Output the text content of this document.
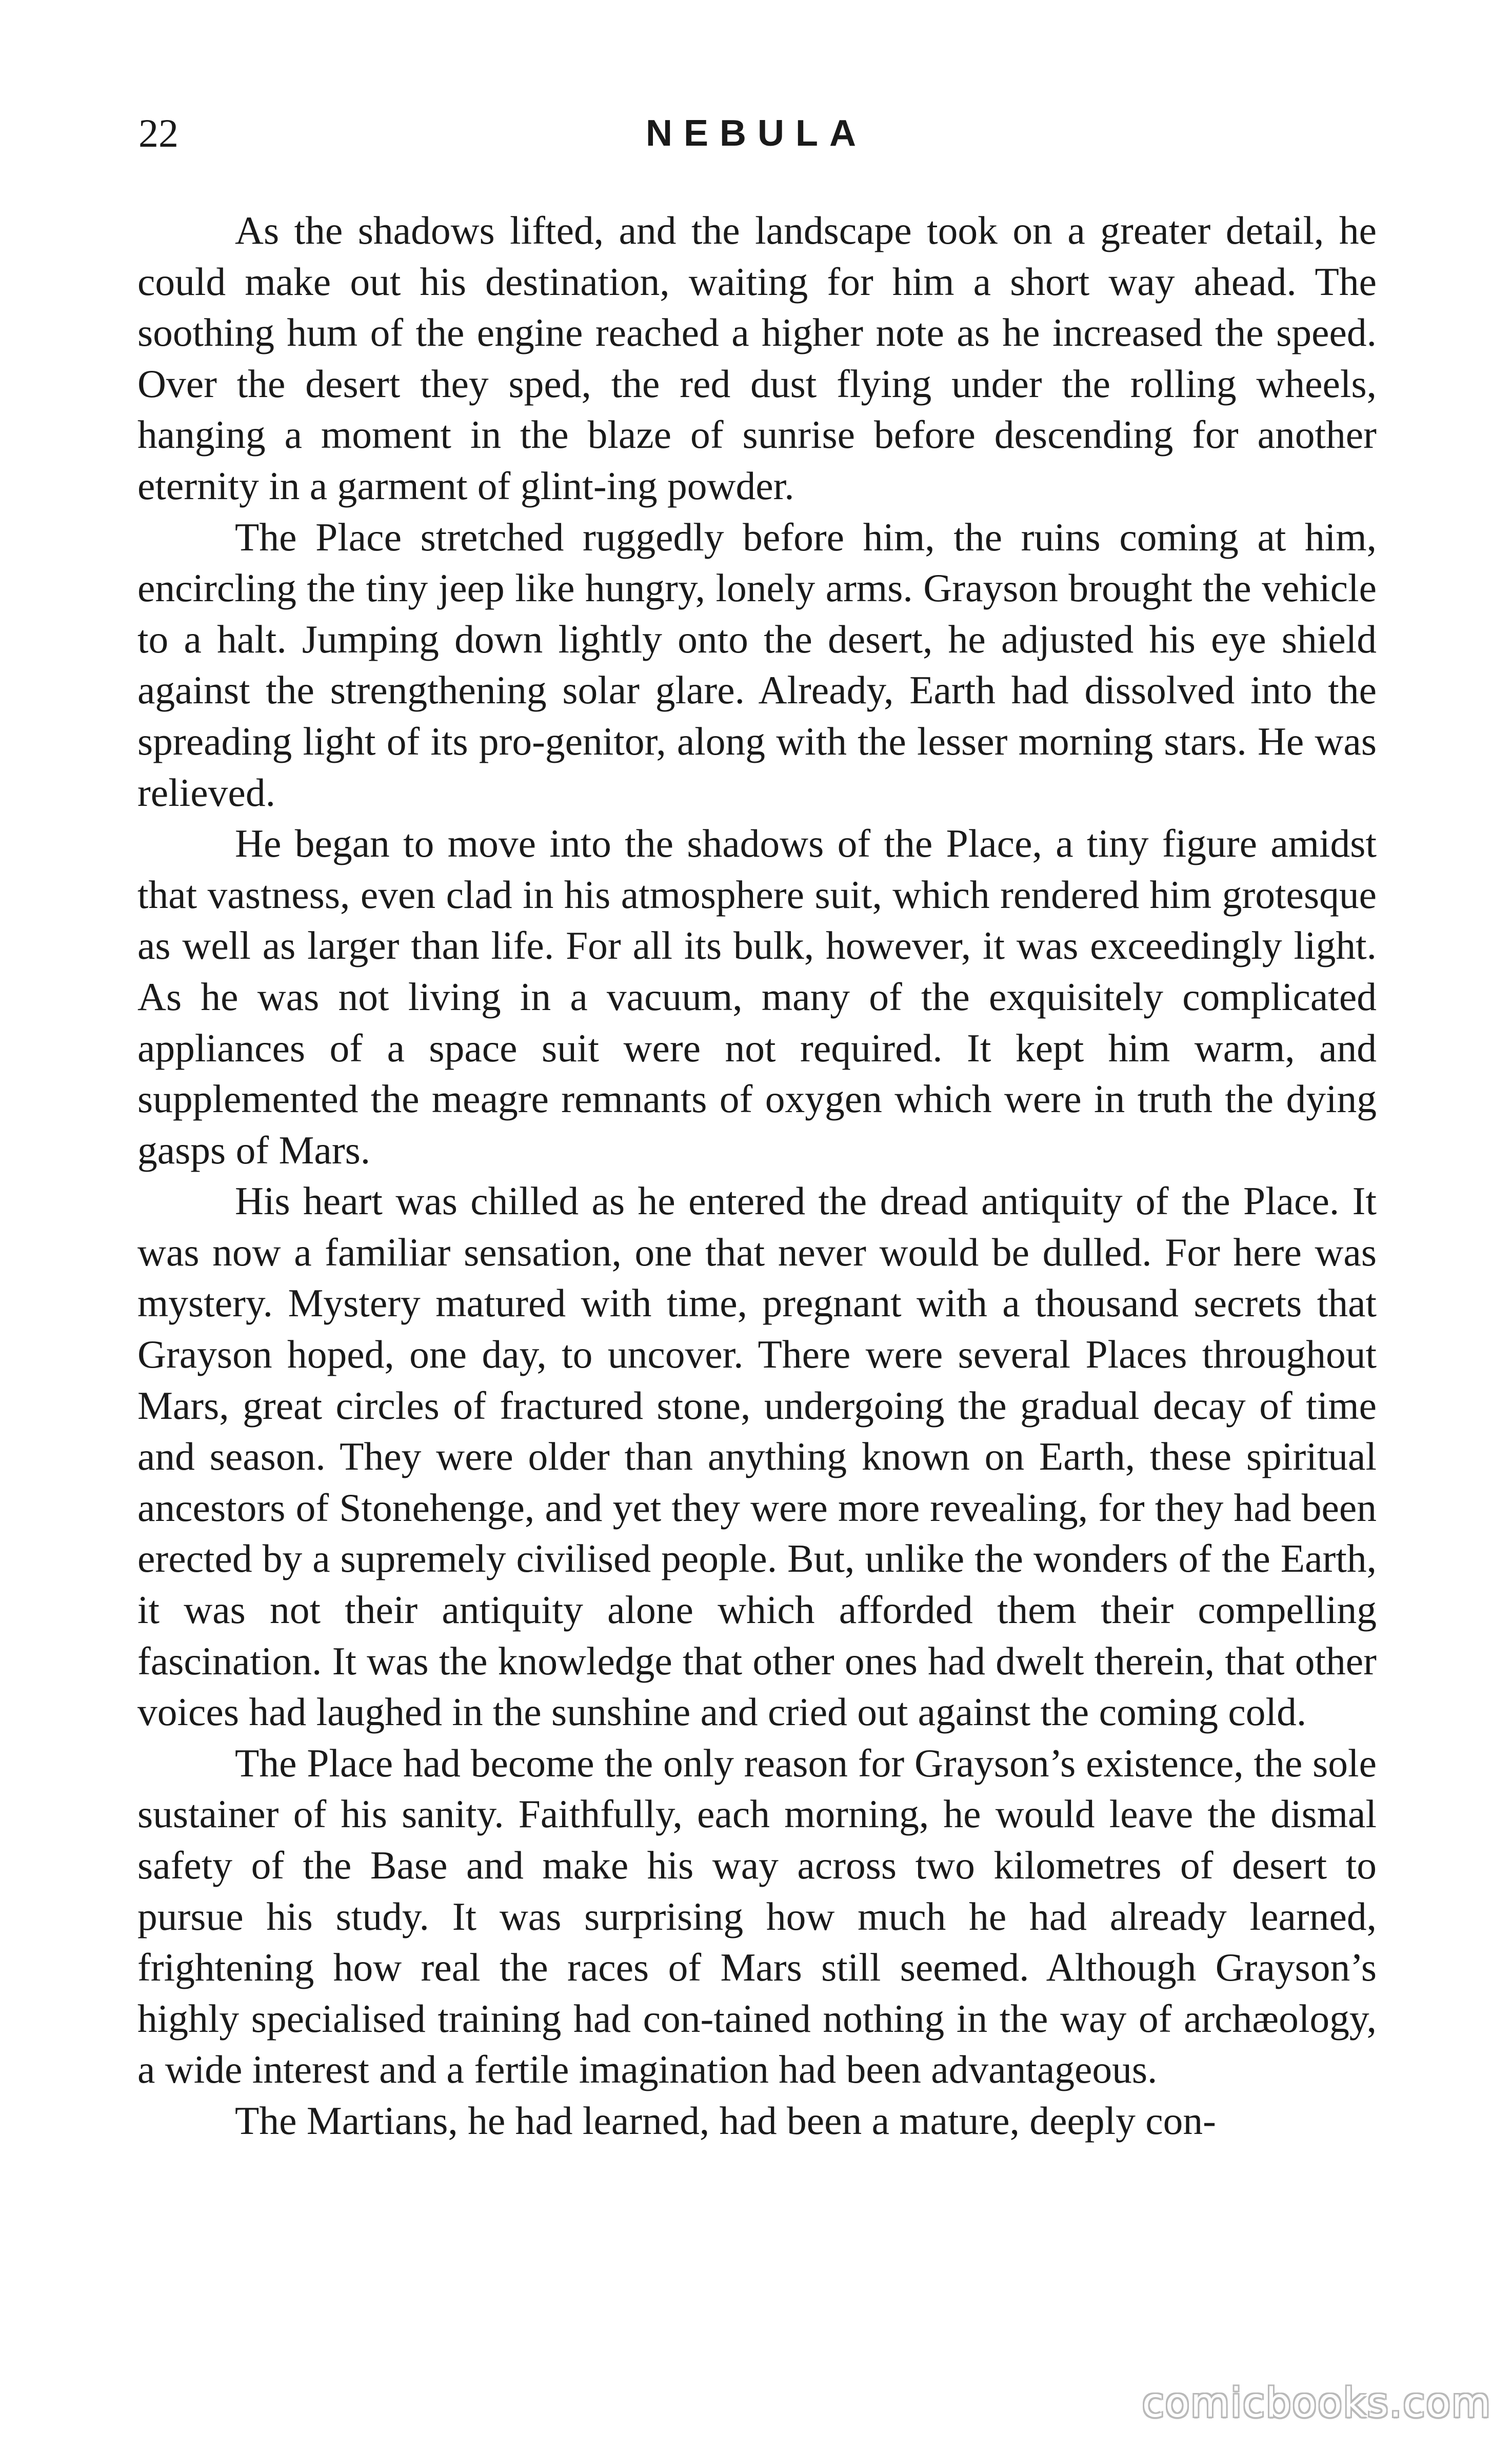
22	NEBULA

As the shadows lifted, and the landscape took on a greater detail, he could make out his destination, waiting for him a short way ahead. The soothing hum of the engine reached a higher note as he increased the speed. Over the desert they sped, the red dust flying under the rolling wheels, hanging a moment in the blaze of sunrise before descending for another eternity in a garment of glint-ing powder.

The Place stretched ruggedly before him, the ruins coming at him, encircling the tiny jeep like hungry, lonely arms. Grayson brought the vehicle to a halt. Jumping down lightly onto the desert, he adjusted his eye shield against the strengthening solar glare. Already, Earth had dissolved into the spreading light of its pro-genitor, along with the lesser morning stars. He was relieved.

He began to move into the shadows of the Place, a tiny figure amidst that vastness, even clad in his atmosphere suit, which rendered him grotesque as well as larger than life. For all its bulk, however, it was exceedingly light. As he was not living in a vacuum, many of the exquisitely complicated appliances of a space suit were not required. It kept him warm, and supplemented the meagre remnants of oxygen which were in truth the dying gasps of Mars.

His heart was chilled as he entered the dread antiquity of the Place. It was now a familiar sensation, one that never would be dulled. For here was mystery. Mystery matured with time, pregnant with a thousand secrets that Grayson hoped, one day, to uncover. There were several Places throughout Mars, great circles of fractured stone, undergoing the gradual decay of time and season. They were older than anything known on Earth, these spiritual ancestors of Stonehenge, and yet they were more revealing, for they had been erected by a supremely civilised people. But, unlike the wonders of the Earth, it was not their antiquity alone which afforded them their compelling fascination. It was the knowledge that other ones had dwelt therein, that other voices had laughed in the sunshine and cried out against the coming cold.

The Place had become the only reason for Grayson’s existence, the sole sustainer of his sanity. Faithfully, each morning, he would leave the dismal safety of the Base and make his way across two kilometres of desert to pursue his study. It was surprising how much he had already learned, frightening how real the races of Mars still seemed. Although Grayson’s highly specialised training had con-tained nothing in the way of archæology, a wide interest and a fertile imagination had been advantageous.

The Martians, he had learned, had been a mature, deeply con-

comicbooks.com
